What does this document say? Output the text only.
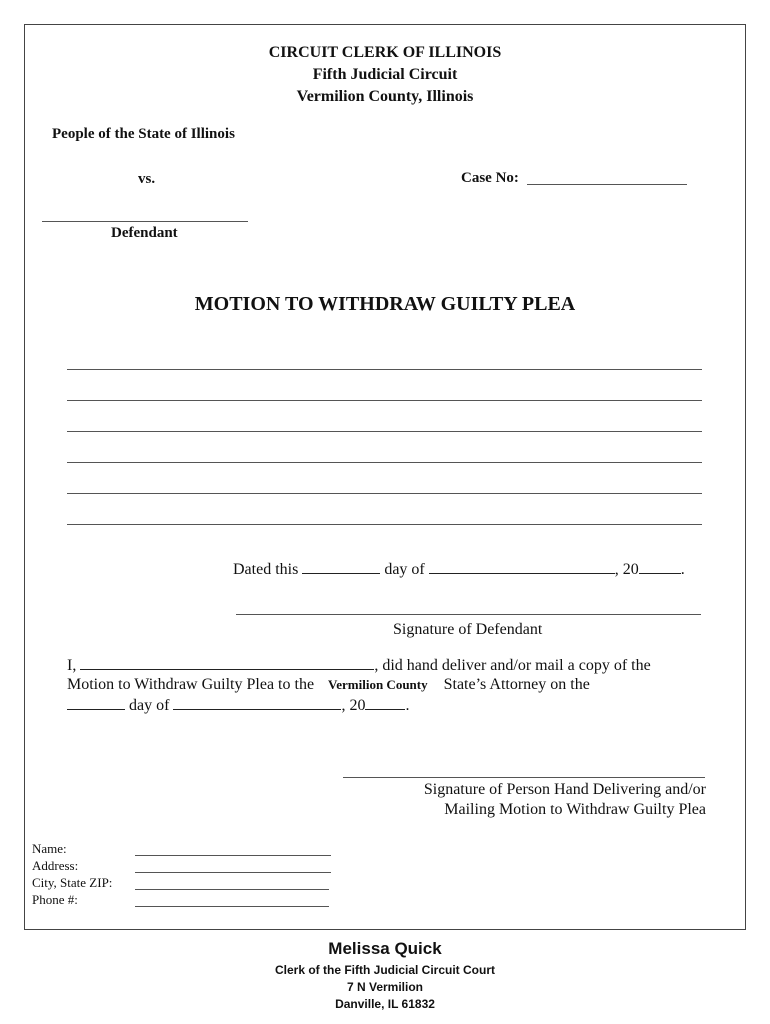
CIRCUIT CLERK OF ILLINOIS
Fifth Judicial Circuit
Vermilion County, Illinois
People of the State of Illinois
vs.	Case No:
Defendant
MOTION TO WITHDRAW GUILTY PLEA
Dated this	day of	, 20	.
Signature of Defendant
I,	, did hand deliver and/or mail a copy of the
Motion to Withdraw Guilty Plea to the Vermilion County State’s Attorney on the
day of	, 20	.
Signature of Person Hand Delivering and/or
Mailing Motion to Withdraw Guilty Plea
Name:
Address:
City, State ZIP:
Phone #:
Melissa Quick
Clerk of the Fifth Judicial Circuit Court
7 N Vermilion
Danville, IL 61832
